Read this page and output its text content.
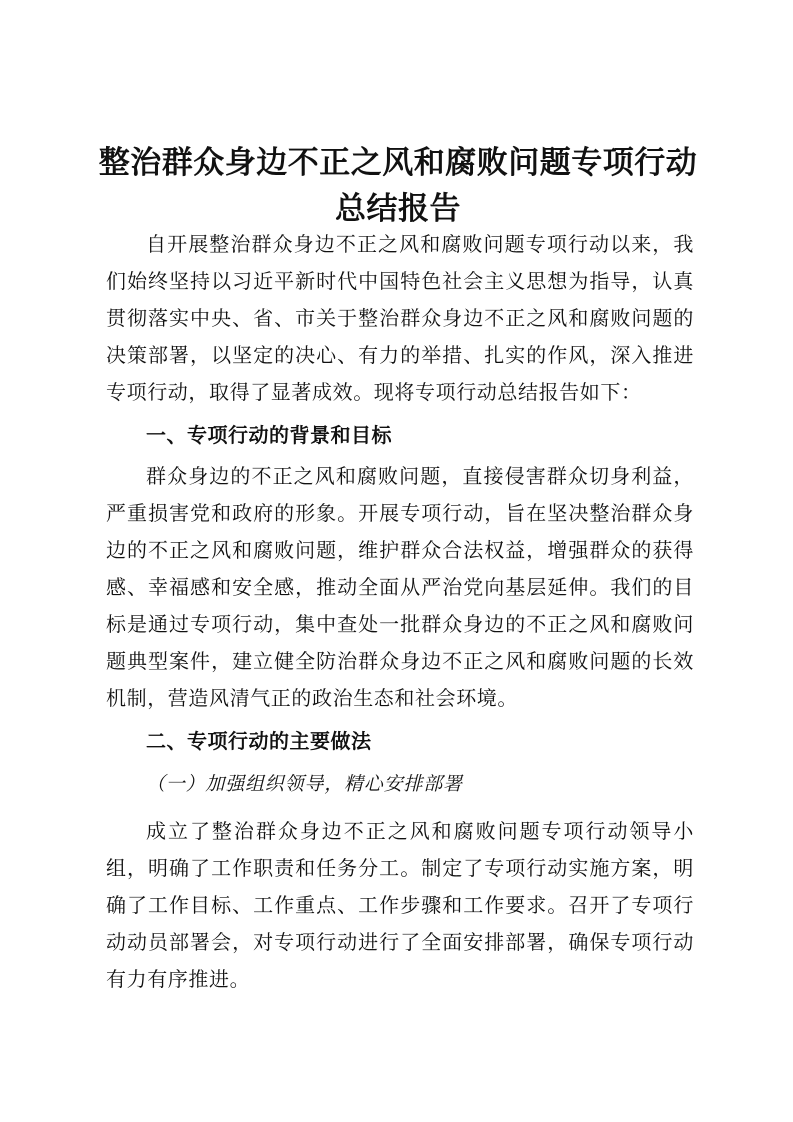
整治群众身边不正之风和腐败问题专项行动总结报告

自开展整治群众身边不正之风和腐败问题专项行动以来，我们始终坚持以习近平新时代中国特色社会主义思想为指导，认真贯彻落实中央、省、市关于整治群众身边不正之风和腐败问题的决策部署，以坚定的决心、有力的举措、扎实的作风，深入推进专项行动，取得了显著成效。现将专项行动总结报告如下：

一、专项行动的背景和目标

群众身边的不正之风和腐败问题，直接侵害群众切身利益，严重损害党和政府的形象。开展专项行动，旨在坚决整治群众身边的不正之风和腐败问题，维护群众合法权益，增强群众的获得感、幸福感和安全感，推动全面从严治党向基层延伸。我们的目标是通过专项行动，集中查处一批群众身边的不正之风和腐败问题典型案件，建立健全防治群众身边不正之风和腐败问题的长效机制，营造风清气正的政治生态和社会环境。

二、专项行动的主要做法
（一）加强组织领导，精心安排部署

成立了整治群众身边不正之风和腐败问题专项行动领导小组，明确了工作职责和任务分工。制定了专项行动实施方案，明确了工作目标、工作重点、工作步骤和工作要求。召开了专项行动动员部署会，对专项行动进行了全面安排部署，确保专项行动有力有序推进。
